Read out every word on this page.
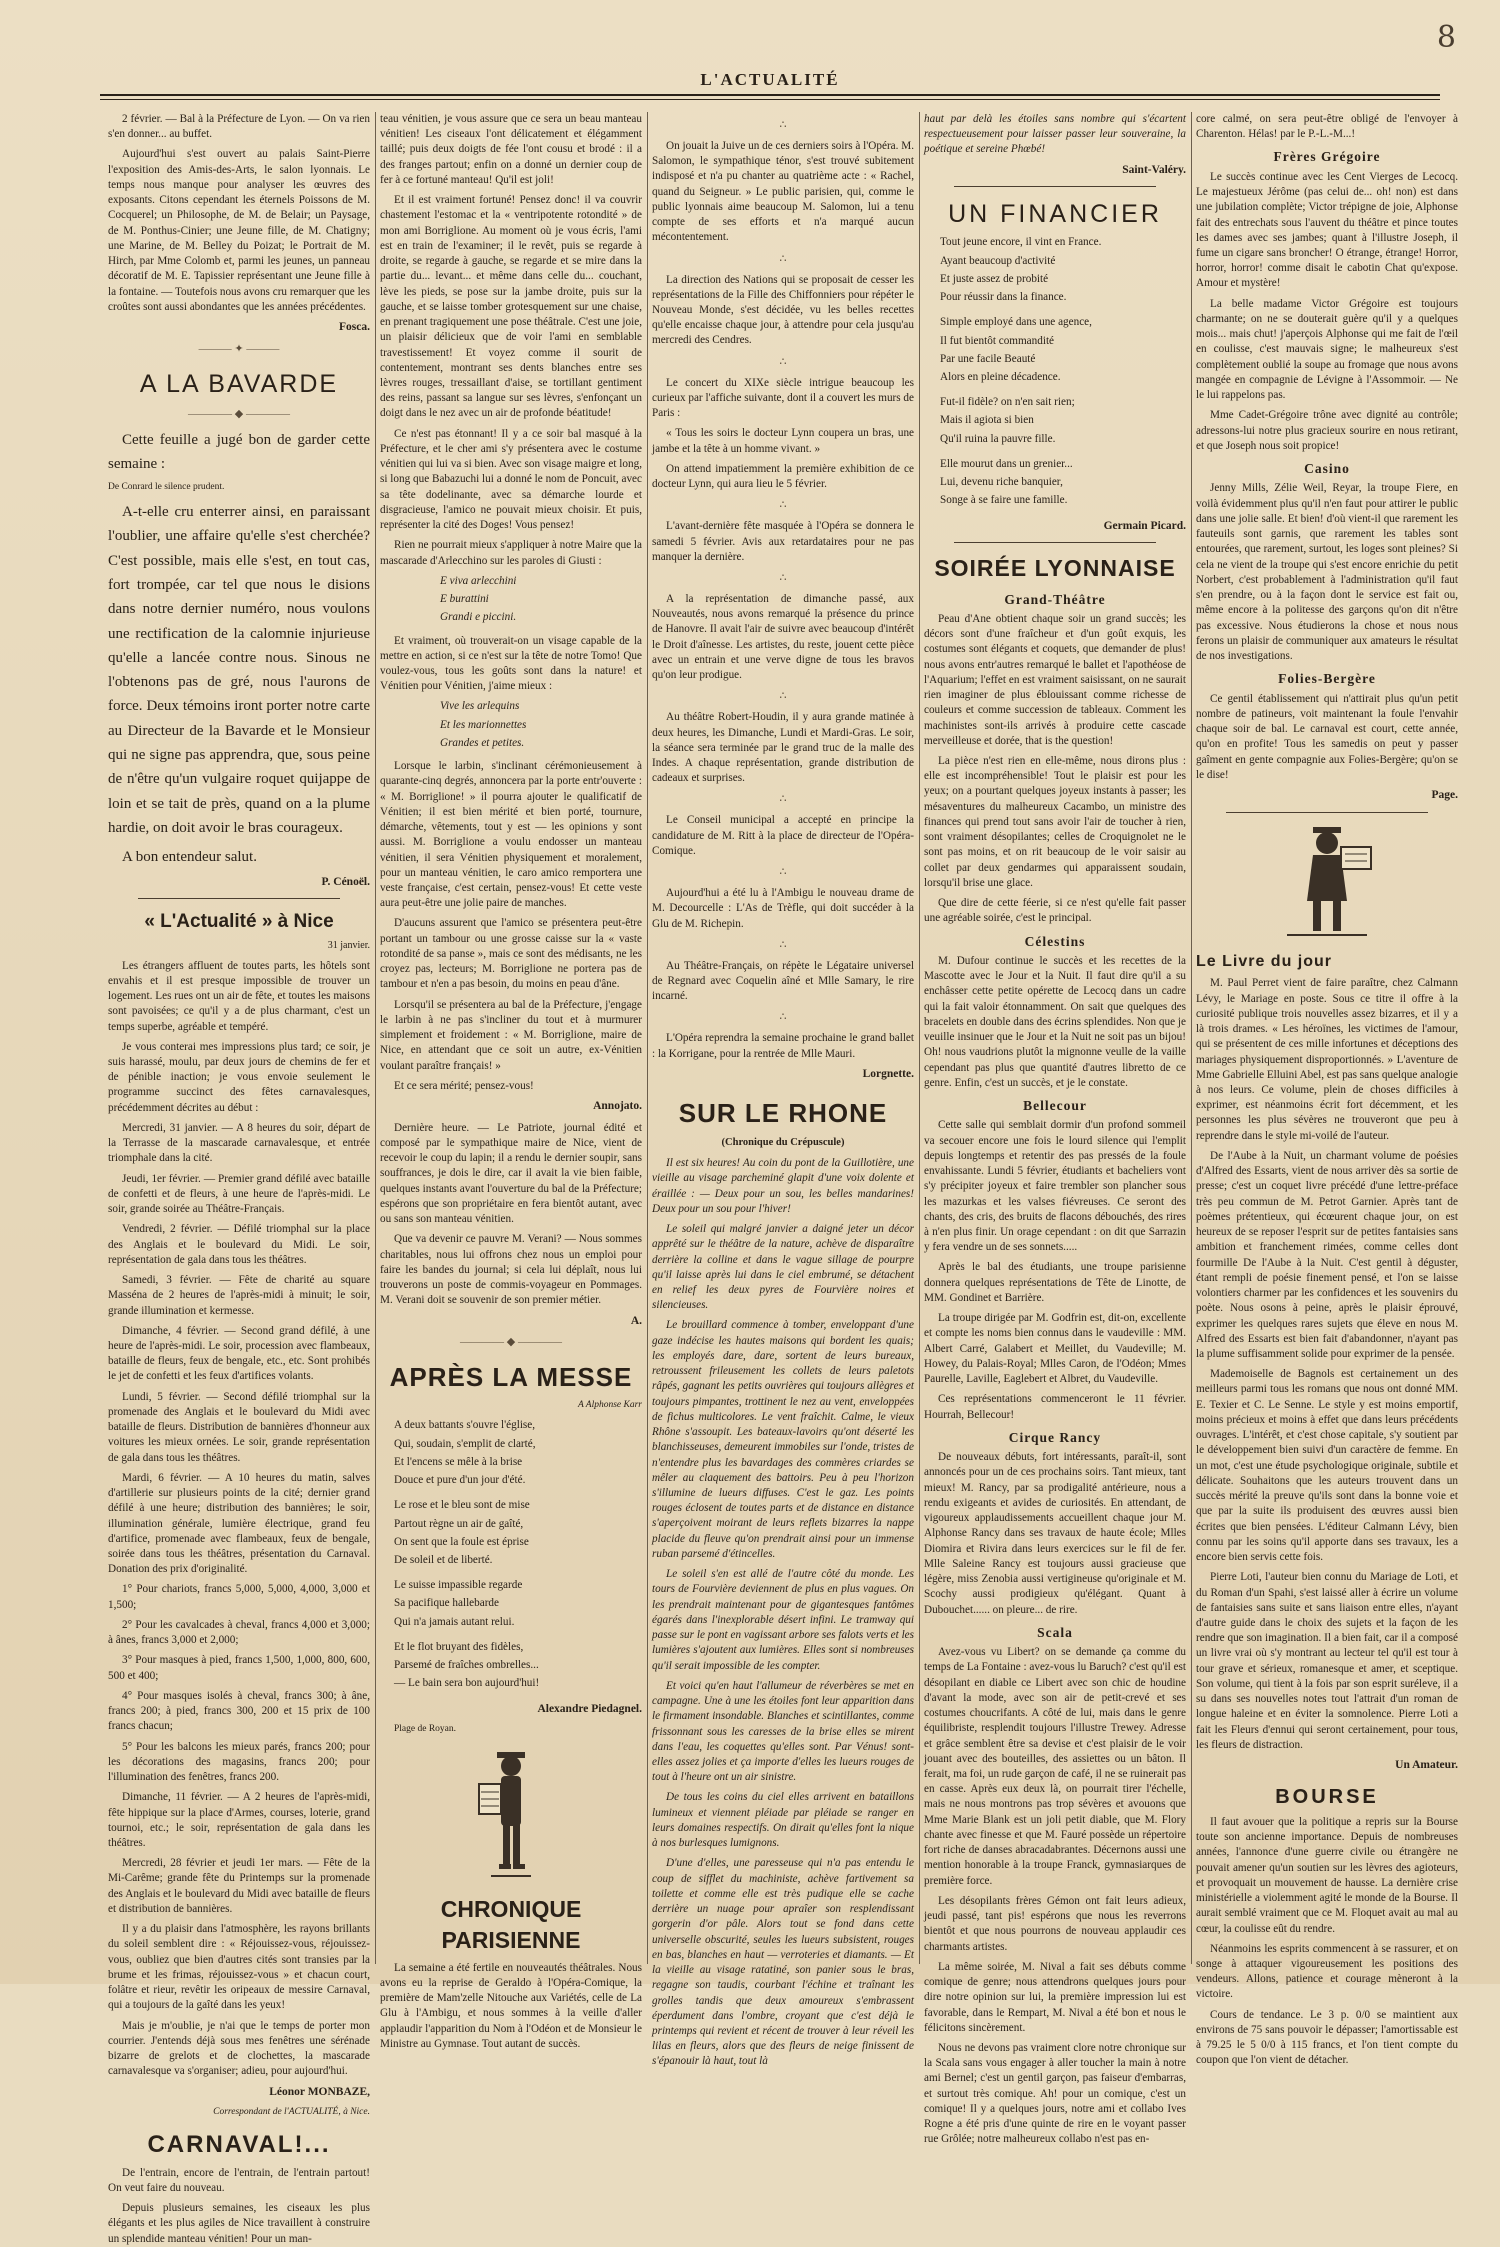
8
L'ACTUALITÉ

2 février. — Bal à la Préfecture de Lyon. — On va rien s'en donner... au buffet.

Aujourd'hui s'est ouvert au palais Saint-Pierre l'exposition des Amis-des-Arts, le salon lyonnais. Le temps nous manque pour analyser les œuvres des exposants. Citons cependant les éternels Poissons de M. Cocquerel; un Philosophe, de M. de Belair; un Paysage, de M. Ponthus-Cinier; une Jeune fille, de M. Chatigny; une Marine, de M. Belley du Poizat; le Portrait de M. Hirch, par Mme Colomb et, parmi les jeunes, un panneau décoratif de M. E. Tapissier représentant une Jeune fille à la fontaine. — Toutefois nous avons cru remarquer que les croûtes sont aussi abondantes que les années précédentes.

Fosca.
——— ✦ ———
A LA BAVARDE
———— ◆ ————

Cette feuille a jugé bon de garder cette semaine :

De Conrard le silence prudent.

A-t-elle cru enterrer ainsi, en paraissant l'oublier, une affaire qu'elle s'est cherchée? C'est possible, mais elle s'est, en tout cas, fort trompée, car tel que nous le disions dans notre dernier numéro, nous voulons une rectification de la calomnie injurieuse qu'elle a lancée contre nous. Sinous ne l'obtenons pas de gré, nous l'aurons de force. Deux témoins iront porter notre carte au Directeur de la Bavarde et le Monsieur qui ne signe pas apprendra, que, sous peine de n'être qu'un vulgaire roquet quijappe de loin et se tait de près, quand on a la plume hardie, on doit avoir le bras courageux.

A bon entendeur salut.

P. Cénoël.
« L'Actualité » à Nice
31 janvier.

Les étrangers affluent de toutes parts, les hôtels sont envahis et il est presque impossible de trouver un logement. Les rues ont un air de fête, et toutes les maisons sont pavoisées; ce qu'il y a de plus charmant, c'est un temps superbe, agréable et tempéré.

Je vous conterai mes impressions plus tard; ce soir, je suis harassé, moulu, par deux jours de chemins de fer et de pénible inaction; je vous envoie seulement le programme succinct des fêtes carnavalesques, précédemment décrites au début :

Mercredi, 31 janvier. — A 8 heures du soir, départ de la Terrasse de la mascarade carnavalesque, et entrée triomphale dans la cité.

Jeudi, 1er février. — Premier grand défilé avec bataille de confetti et de fleurs, à une heure de l'après-midi. Le soir, grande soirée au Théâtre-Français.

Vendredi, 2 février. — Défilé triomphal sur la place des Anglais et le boulevard du Midi. Le soir, représentation de gala dans tous les théâtres.

Samedi, 3 février. — Fête de charité au square Masséna de 2 heures de l'après-midi à minuit; le soir, grande illumination et kermesse.

Dimanche, 4 février. — Second grand défilé, à une heure de l'après-midi. Le soir, procession avec flambeaux, bataille de fleurs, feux de bengale, etc., etc. Sont prohibés le jet de confetti et les feux d'artifices volants.

Lundi, 5 février. — Second défilé triomphal sur la promenade des Anglais et le boulevard du Midi avec bataille de fleurs. Distribution de bannières d'honneur aux voitures les mieux ornées. Le soir, grande représentation de gala dans tous les théâtres.

Mardi, 6 février. — A 10 heures du matin, salves d'artillerie sur plusieurs points de la cité; dernier grand défilé à une heure; distribution des bannières; le soir, illumination générale, lumière électrique, grand feu d'artifice, promenade avec flambeaux, feux de bengale, soirée dans tous les théâtres, présentation du Carnaval. Donation des prix d'originalité.

1° Pour chariots, francs 5,000, 5,000, 4,000, 3,000 et 1,500;

2° Pour les cavalcades à cheval, francs 4,000 et 3,000; à ânes, francs 3,000 et 2,000;

3° Pour masques à pied, francs 1,500, 1,000, 800, 600, 500 et 400;

4° Pour masques isolés à cheval, francs 300; à âne, francs 200; à pied, francs 300, 200 et 15 prix de 100 francs chacun;

5° Pour les balcons les mieux parés, francs 200; pour les décorations des magasins, francs 200; pour l'illumination des fenêtres, francs 200.

Dimanche, 11 février. — A 2 heures de l'après-midi, fête hippique sur la place d'Armes, courses, loterie, grand tournoi, etc.; le soir, représentation de gala dans les théâtres.

Mercredi, 28 février et jeudi 1er mars. — Fête de la Mi-Carême; grande fête du Printemps sur la promenade des Anglais et le boulevard du Midi avec bataille de fleurs et distribution de bannières.

Il y a du plaisir dans l'atmosphère, les rayons brillants du soleil semblent dire : « Réjouissez-vous, réjouissez-vous, oubliez que bien d'autres cités sont transies par la brume et les frimas, réjouissez-vous » et chacun court, folâtre et rieur, revêtir les oripeaux de messire Carnaval, qui a toujours de la gaîté dans les yeux!

Mais je m'oublie, je n'ai que le temps de porter mon courrier. J'entends déjà sous mes fenêtres une sérénade bizarre de grelots et de clochettes, la mascarade carnavalesque va s'organiser; adieu, pour aujourd'hui.

Léonor MONBAZE,
Correspondant de l'ACTUALITÉ, à Nice.
CARNAVAL!...

De l'entrain, encore de l'entrain, de l'entrain partout! On veut faire du nouveau.

Depuis plusieurs semaines, les ciseaux les plus élégants et les plus agiles de Nice travaillent à construire un splendide manteau vénitien! Pour un man-

teau vénitien, je vous assure que ce sera un beau manteau vénitien! Les ciseaux l'ont délicatement et élégamment taillé; puis deux doigts de fée l'ont cousu et brodé : il a des franges partout; enfin on a donné un dernier coup de fer à ce fortuné manteau! Qu'il est joli!

Et il est vraiment fortuné! Pensez donc! il va couvrir chastement l'estomac et la « ventripotente rotondité » de mon ami Borriglione. Au moment où je vous écris, l'ami est en train de l'examiner; il le revêt, puis se regarde à droite, se regarde à gauche, se regarde et se mire dans la partie du... levant... et même dans celle du... couchant, lève les pieds, se pose sur la jambe droite, puis sur la gauche, et se laisse tomber grotesquement sur une chaise, en prenant tragiquement une pose théâtrale. C'est une joie, un plaisir délicieux que de voir l'ami en semblable travestissement! Et voyez comme il sourit de contentement, montrant ses dents blanches entre ses lèvres rouges, tressaillant d'aise, se tortillant gentiment des reins, passant sa langue sur ses lèvres, s'enfonçant un doigt dans le nez avec un air de profonde béatitude!

Ce n'est pas étonnant! Il y a ce soir bal masqué à la Préfecture, et le cher ami s'y présentera avec le costume vénitien qui lui va si bien. Avec son visage maigre et long, si long que Babazuchi lui a donné le nom de Poncuit, avec sa tête dodelinante, avec sa démarche lourde et disgracieuse, l'amico ne pouvait mieux choisir. Et puis, représenter la cité des Doges! Vous pensez!

Rien ne pourrait mieux s'appliquer à notre Maire que la mascarade d'Arlecchino sur les paroles di Giusti :

E viva arlecchini
E burattini
Grandi e piccini.

Et vraiment, où trouverait-on un visage capable de la mettre en action, si ce n'est sur la tête de notre Tomo! Que voulez-vous, tous les goûts sont dans la nature! et Vénitien pour Vénitien, j'aime mieux :

Vive les arlequins
Et les marionnettes
Grandes et petites.

Lorsque le larbin, s'inclinant cérémonieusement à quarante-cinq degrés, annoncera par la porte entr'ouverte : « M. Borriglione! » il pourra ajouter le qualificatif de Vénitien; il est bien mérité et bien porté, tournure, démarche, vêtements, tout y est — les opinions y sont aussi. M. Borriglione a voulu endosser un manteau vénitien, il sera Vénitien physiquement et moralement, pour un manteau vénitien, le caro amico remportera une veste française, c'est certain, pensez-vous! Et cette veste aura peut-être une jolie paire de manches.

D'aucuns assurent que l'amico se présentera peut-être portant un tambour ou une grosse caisse sur la « vaste rotondité de sa panse », mais ce sont des médisants, ne les croyez pas, lecteurs; M. Borriglione ne portera pas de tambour et n'en a pas besoin, du moins en peau d'âne.

Lorsqu'il se présentera au bal de la Préfecture, j'engage le larbin à ne pas s'incliner du tout et à murmurer simplement et froidement : « M. Borriglione, maire de Nice, en attendant que ce soit un autre, ex-Vénitien voulant paraître français! »

Et ce sera mérité; pensez-vous!

Annojato.

Dernière heure. — Le Patriote, journal édité et composé par le sympathique maire de Nice, vient de recevoir le coup du lapin; il a rendu le dernier soupir, sans souffrances, je dois le dire, car il avait la vie bien faible, quelques instants avant l'ouverture du bal de la Préfecture; espérons que son propriétaire en fera bientôt autant, avec ou sans son manteau vénitien.

Que va devenir ce pauvre M. Verani? — Nous sommes charitables, nous lui offrons chez nous un emploi pour faire les bandes du journal; si cela lui déplaît, nous lui trouverons un poste de commis-voyageur en Pommages. M. Verani doit se souvenir de son premier métier.

A.
———— ◆ ————
APRÈS LA MESSE
A Alphonse Karr
A deux battants s'ouvre l'église,
Qui, soudain, s'emplit de clarté,
Et l'encens se mêle à la brise
Douce et pure d'un jour d'été.
Le rose et le bleu sont de mise
Partout règne un air de gaîté,
On sent que la foule est éprise
De soleil et de liberté.
Le suisse impassible regarde
Sa pacifique hallebarde
Qui n'a jamais autant relui.
Et le flot bruyant des fidèles,
Parsemé de fraîches ombrelles...
— Le bain sera bon aujourd'hui!
Alexandre Piedagnel.
Plage de Royan.
CHRONIQUE PARISIENNE

La semaine a été fertile en nouveautés théâtrales. Nous avons eu la reprise de Geraldo à l'Opéra-Comique, la première de Mam'zelle Nitouche aux Variétés, celle de La Glu à l'Ambigu, et nous sommes à la veille d'aller applaudir l'apparition du Nom à l'Odéon et de Monsieur le Ministre au Gymnase. Tout autant de succès.

∴

On jouait la Juive un de ces derniers soirs à l'Opéra. M. Salomon, le sympathique ténor, s'est trouvé subitement indisposé et n'a pu chanter au quatrième acte : « Rachel, quand du Seigneur. » Le public parisien, qui, comme le public lyonnais aime beaucoup M. Salomon, lui a tenu compte de ses efforts et n'a marqué aucun mécontentement.

∴

La direction des Nations qui se proposait de cesser les représentations de la Fille des Chiffonniers pour répéter le Nouveau Monde, s'est décidée, vu les belles recettes qu'elle encaisse chaque jour, à attendre pour cela jusqu'au mercredi des Cendres.

∴

Le concert du XIXe siècle intrigue beaucoup les curieux par l'affiche suivante, dont il a couvert les murs de Paris :

« Tous les soirs le docteur Lynn coupera un bras, une jambe et la tête à un homme vivant. »

On attend impatiemment la première exhibition de ce docteur Lynn, qui aura lieu le 5 février.

∴

L'avant-dernière fête masquée à l'Opéra se donnera le samedi 5 février. Avis aux retardataires pour ne pas manquer la dernière.

∴

A la représentation de dimanche passé, aux Nouveautés, nous avons remarqué la présence du prince de Hanovre. Il avait l'air de suivre avec beaucoup d'intérêt le Droit d'aînesse. Les artistes, du reste, jouent cette pièce avec un entrain et une verve digne de tous les bravos qu'on leur prodigue.

∴

Au théâtre Robert-Houdin, il y aura grande matinée à deux heures, les Dimanche, Lundi et Mardi-Gras. Le soir, la séance sera terminée par le grand truc de la malle des Indes. A chaque représentation, grande distribution de cadeaux et surprises.

∴

Le Conseil municipal a accepté en principe la candidature de M. Ritt à la place de directeur de l'Opéra-Comique.

∴

Aujourd'hui a été lu à l'Ambigu le nouveau drame de M. Decourcelle : L'As de Trèfle, qui doit succéder à la Glu de M. Richepin.

∴

Au Théâtre-Français, on répète le Légataire universel de Regnard avec Coquelin aîné et Mlle Samary, le rire incarné.

∴

L'Opéra reprendra la semaine prochaine le grand ballet : la Korrigane, pour la rentrée de Mlle Mauri.

Lorgnette.
SUR LE RHONE
(Chronique du Crépuscule)

Il est six heures! Au coin du pont de la Guillotière, une vieille au visage parcheminé glapit d'une voix dolente et éraillée : — Deux pour un sou, les belles mandarines! Deux pour un sou pour l'hiver!

Le soleil qui malgré janvier a daigné jeter un décor apprêté sur le théâtre de la nature, achève de disparaître derrière la colline et dans le vague sillage de pourpre qu'il laisse après lui dans le ciel embrumé, se détachent en relief les deux pyres de Fourvière noires et silencieuses.

Le brouillard commence à tomber, enveloppant d'une gaze indécise les hautes maisons qui bordent les quais; les employés dare, dare, sortent de leurs bureaux, retroussent frileusement les collets de leurs paletots râpés, gagnant les petits ouvrières qui toujours allègres et toujours pimpantes, trottinent le nez au vent, enveloppées de fichus multicolores. Le vent fraîchit. Calme, le vieux Rhône s'assoupit. Les bateaux-lavoirs qu'ont déserté les blanchisseuses, demeurent immobiles sur l'onde, tristes de n'entendre plus les bavardages des commères criardes se mêler au claquement des battoirs. Peu à peu l'horizon s'illumine de lueurs diffuses. C'est le gaz. Les points rouges éclosent de toutes parts et de distance en distance s'aperçoivent moirant de leurs reflets bizarres la nappe placide du fleuve qu'on prendrait ainsi pour un immense ruban parsemé d'étincelles.

Le soleil s'en est allé de l'autre côté du monde. Les tours de Fourvière deviennent de plus en plus vagues. On les prendrait maintenant pour de gigantesques fantômes égarés dans l'inexplorable désert infini. Le tramway qui passe sur le pont en vagissant arbore ses falots verts et les lumières s'ajoutent aux lumières. Elles sont si nombreuses qu'il serait impossible de les compter.

Et voici qu'en haut l'allumeur de réverbères se met en campagne. Une à une les étoiles font leur apparition dans le firmament insondable. Blanches et scintillantes, comme frissonnant sous les caresses de la brise elles se mirent dans l'eau, les coquettes qu'elles sont. Par Vénus! sont-elles assez jolies et ça importe d'elles les lueurs rouges de tout à l'heure ont un air sinistre.

De tous les coins du ciel elles arrivent en bataillons lumineux et viennent pléiade par pléiade se ranger en leurs domaines respectifs. On dirait qu'elles font la nique à nos burlesques lumignons.

D'une d'elles, une paresseuse qui n'a pas entendu le coup de sifflet du machiniste, achève fartivement sa toilette et comme elle est très pudique elle se cache derrière un nuage pour apraîer son resplendissant gorgerin d'or pâle. Alors tout se fond dans cette universelle obscurité, seules les lueurs subsistent, rouges en bas, blanches en haut — verroteries et diamants. — Et la vieille au visage ratatiné, son panier sous le bras, regagne son taudis, courbant l'échine et traînant les grolles tandis que deux amoureux s'embrassent éperdument dans l'ombre, croyant que c'est déjà le printemps qui revient et récent de trouver à leur réveil les lilas en fleurs, alors que des fleurs de neige finissent de s'épanouir là haut, tout là

haut par delà les étoiles sans nombre qui s'écartent respectueusement pour laisser passer leur souveraine, la poétique et sereine Phœbé!

Saint-Valéry.
UN FINANCIER
Tout jeune encore, il vint en France.
Ayant beaucoup d'activité
Et juste assez de probité
Pour réussir dans la finance.
Simple employé dans une agence,
Il fut bientôt commandité
Par une facile Beauté
Alors en pleine décadence.
Fut-il fidèle? on n'en sait rien;
Mais il agiota si bien
Qu'il ruina la pauvre fille.
Elle mourut dans un grenier...
Lui, devenu riche banquier,
Songe à se faire une famille.
Germain Picard.
SOIRÉE LYONNAISE
Grand-Théâtre

Peau d'Ane obtient chaque soir un grand succès; les décors sont d'une fraîcheur et d'un goût exquis, les costumes sont élégants et coquets, que demander de plus! nous avons entr'autres remarqué le ballet et l'apothéose de l'Aquarium; l'effet en est vraiment saisissant, on ne saurait rien imaginer de plus éblouissant comme richesse de couleurs et comme succession de tableaux. Comment les machinistes sont-ils arrivés à produire cette cascade merveilleuse et dorée, that is the question!

La pièce n'est rien en elle-même, nous dirons plus : elle est incompréhensible! Tout le plaisir est pour les yeux; on a pourtant quelques joyeux instants à passer; les mésaventures du malheureux Cacambo, un ministre des finances qui prend tout sans avoir l'air de toucher à rien, sont vraiment désopilantes; celles de Croquignolet ne le sont pas moins, et on rit beaucoup de le voir saisir au collet par deux gendarmes qui apparaissent soudain, lorsqu'il brise une glace.

Que dire de cette féerie, si ce n'est qu'elle fait passer une agréable soirée, c'est le principal.

Célestins

M. Dufour continue le succès et les recettes de la Mascotte avec le Jour et la Nuit. Il faut dire qu'il a su enchâsser cette petite opérette de Lecocq dans un cadre qui la fait valoir étonnamment. On sait que quelques des bracelets en double dans des écrins splendides. Non que je veuille insinuer que le Jour et la Nuit ne soit pas un bijou! Oh! nous vaudrions plutôt la mignonne veulle de la vaille cependant pas plus que quantité d'autres libretto de ce genre. Enfin, c'est un succès, et je le constate.

Bellecour

Cette salle qui semblait dormir d'un profond sommeil va secouer encore une fois le lourd silence qui l'emplit depuis longtemps et retentir des pas pressés de la foule envahissante. Lundi 5 février, étudiants et bacheliers vont s'y précipiter joyeux et faire trembler son plancher sous les mazurkas et les valses fiévreuses. Ce seront des chants, des cris, des bruits de flacons débouchés, des rires à n'en plus finir. Un orage cependant : on dit que Sarrazin y fera vendre un de ses sonnets.....

Après le bal des étudiants, une troupe parisienne donnera quelques représentations de Tête de Linotte, de MM. Gondinet et Barrière.

La troupe dirigée par M. Godfrin est, dit-on, excellente et compte les noms bien connus dans le vaudeville : MM. Albert Carré, Galabert et Meillet, du Vaudeville; M. Howey, du Palais-Royal; Mlles Caron, de l'Odéon; Mmes Paurelle, Laville, Eaglebert et Albret, du Vaudeville.

Ces représentations commenceront le 11 février. Hourrah, Bellecour!

Cirque Rancy

De nouveaux débuts, fort intéressants, paraît-il, sont annoncés pour un de ces prochains soirs. Tant mieux, tant mieux! M. Rancy, par sa prodigalité antérieure, nous a rendu exigeants et avides de curiosités. En attendant, de vigoureux applaudissements accueillent chaque jour M. Alphonse Rancy dans ses travaux de haute école; Mlles Diomira et Rivira dans leurs exercices sur le fil de fer. Mlle Saleine Rancy est toujours aussi gracieuse que légère, miss Zenobia aussi vertigineuse qu'originale et M. Scochy aussi prodigieux qu'élégant. Quant à Dubouchet...... on pleure... de rire.

Scala

Avez-vous vu Libert? on se demande ça comme du temps de La Fontaine : avez-vous lu Baruch? c'est qu'il est désopilant en diable ce Libert avec son chic de houdine d'avant la mode, avec son air de petit-crevé et ses costumes choucrifants. A côté de lui, mais dans le genre équilibriste, resplendit toujours l'illustre Trewey. Adresse et grâce semblent être sa devise et c'est plaisir de le voir jouant avec des bouteilles, des assiettes ou un bâton. Il ferait, ma foi, un rude garçon de café, il ne se ruinerait pas en casse. Après eux deux là, on pourrait tirer l'échelle, mais ne nous montrons pas trop sévères et avouons que Mme Marie Blank est un joli petit diable, que M. Flory chante avec finesse et que M. Fauré possède un répertoire fort riche de danses abracadabrantes. Décernons aussi une mention honorable à la troupe Franck, gymnasiarques de première force.

Les désopilants frères Gémon ont fait leurs adieux, jeudi passé, tant pis! espérons que nous les reverrons bientôt et que nous pourrons de nouveau applaudir ces charmants artistes.

La même soirée, M. Nival a fait ses débuts comme comique de genre; nous attendrons quelques jours pour dire notre opinion sur lui, la première impression lui est favorable, dans le Rempart, M. Nival a été bon et nous le félicitons sincèrement.

Nous ne devons pas vraiment clore notre chronique sur la Scala sans vous engager à aller toucher la main à notre ami Bernel; c'est un gentil garçon, pas faiseur d'embarras, et surtout très comique. Ah! pour un comique, c'est un comique! Il y a quelques jours, notre ami et collabo Ives Rogne a été pris d'une quinte de rire en le voyant passer rue Grôlée; notre malheureux collabo n'est pas en-

core calmé, on sera peut-être obligé de l'envoyer à Charenton. Hélas! par le P.-L.-M...!

Frères Grégoire

Le succès continue avec les Cent Vierges de Lecocq. Le majestueux Jérôme (pas celui de... oh! non) est dans une jubilation complète; Victor trépigne de joie, Alphonse fait des entrechats sous l'auvent du théâtre et pince toutes les dames avec ses jambes; quant à l'illustre Joseph, il fume un cigare sans broncher! O étrange, étrange! Horror, horror, horror! comme disait le cabotin Chat qu'expose. Amour et mystère!

La belle madame Victor Grégoire est toujours charmante; on ne se douterait guère qu'il y a quelques mois... mais chut! j'aperçois Alphonse qui me fait de l'œil en coulisse, c'est mauvais signe; le malheureux s'est complètement oublié la soupe au fromage que nous avons mangée en compagnie de Lévigne à l'Assommoir. — Ne le lui rappelons pas.

Mme Cadet-Grégoire trône avec dignité au contrôle; adressons-lui notre plus gracieux sourire en nous retirant, et que Joseph nous soit propice!

Casino

Jenny Mills, Zélie Weil, Reyar, la troupe Fiere, en voilà évidemment plus qu'il n'en faut pour attirer le public dans une jolie salle. Et bien! d'où vient-il que rarement les fauteuils sont garnis, que rarement les tables sont entourées, que rarement, surtout, les loges sont pleines? Si cela ne vient de la troupe qui s'est encore enrichie du petit Norbert, c'est probablement à l'administration qu'il faut s'en prendre, ou à la façon dont le service est fait ou, même encore à la politesse des garçons qu'on dit n'être pas excessive. Nous étudierons la chose et nous nous ferons un plaisir de communiquer aux amateurs le résultat de nos investigations.

Folies-Bergère

Ce gentil établissement qui n'attirait plus qu'un petit nombre de patineurs, voit maintenant la foule l'envahir chaque soir de bal. Le carnaval est court, cette année, qu'on en profite! Tous les samedis on peut y passer gaîment en gente compagnie aux Folies-Bergère; qu'on se le dise!

Page.
Le Livre du jour

M. Paul Perret vient de faire paraître, chez Calmann Lévy, le Mariage en poste. Sous ce titre il offre à la curiosité publique trois nouvelles assez bizarres, et il y a là trois drames. « Les héroïnes, les victimes de l'amour, qui se présentent de ces mille infortunes et déceptions des mariages physiquement disproportionnés. » L'aventure de Mme Gabrielle Elluini Abel, est pas sans quelque analogie à nos leurs. Ce volume, plein de choses difficiles à exprimer, est néanmoins écrit fort décemment, et les personnes les plus sévères ne trouveront que peu à reprendre dans le style mi-voilé de l'auteur.

De l'Aube à la Nuit, un charmant volume de poésies d'Alfred des Essarts, vient de nous arriver dès sa sortie de presse; c'est un coquet livre précédé d'une lettre-préface très peu commun de M. Petrot Garnier. Après tant de poèmes prétentieux, qui écœurent chaque jour, on est heureux de se reposer l'esprit sur de petites fantaisies sans ambition et franchement rimées, comme celles dont fourmille De l'Aube à la Nuit. C'est gentil à déguster, étant rempli de poésie finement pensé, et l'on se laisse volontiers charmer par les confidences et les souvenirs du poète. Nous osons à peine, après le plaisir éprouvé, exprimer les quelques rares sujets que éleve en nous M. Alfred des Essarts est bien fait d'abandonner, n'ayant pas la plume suffisamment solide pour exprimer de la pensée.

Mademoiselle de Bagnols est certainement un des meilleurs parmi tous les romans que nous ont donné MM. E. Texier et C. Le Senne. Le style y est moins emportif, moins précieux et moins à effet que dans leurs précédents ouvrages. L'intérêt, et c'est chose capitale, s'y soutient par le développement bien suivi d'un caractère de femme. En un mot, c'est une étude psychologique originale, subtile et délicate. Souhaitons que les auteurs trouvent dans un succès mérité la preuve qu'ils sont dans la bonne voie et que par la suite ils produisent des œuvres aussi bien écrites que bien pensées. L'éditeur Calmann Lévy, bien connu par les soins qu'il apporte dans ses travaux, les a encore bien servis cette fois.

Pierre Loti, l'auteur bien connu du Mariage de Loti, et du Roman d'un Spahi, s'est laissé aller à écrire un volume de fantaisies sans suite et sans liaison entre elles, n'ayant d'autre guide dans le choix des sujets et la façon de les rendre que son imagination. Il a bien fait, car il a composé un livre vrai où s'y montrant au lecteur tel qu'il est tour à tour grave et sérieux, romanesque et amer, et sceptique. Son volume, qui tient à la fois par son esprit suréleve, il a su dans ses nouvelles notes tout l'attrait d'un roman de longue haleine et en éviter la somnolence. Pierre Loti a fait les Fleurs d'ennui qui seront certainement, pour tous, les fleurs de distraction.

Un Amateur.
BOURSE

Il faut avouer que la politique a repris sur la Bourse toute son ancienne importance. Depuis de nombreuses années, l'annonce d'une guerre civile ou étrangère ne pouvait amener qu'un soutien sur les lèvres des agioteurs, et provoquait un mouvement de hausse. La dernière crise ministérielle a violemment agité le monde de la Bourse. Il aurait semblé vraiment que ce M. Floquet avait au mal au cœur, la coulisse eût du rendre.

Néanmoins les esprits commencent à se rassurer, et on songe à attaquer vigoureusement les positions des vendeurs. Allons, patience et courage mèneront à la victoire.

Cours de tendance. Le 3 p. 0/0 se maintient aux environs de 75 sans pouvoir le dépasser; l'amortissable est à 79.25 le 5 0/0 à 115 francs, et l'on tient compte du coupon que l'on vient de détacher.
